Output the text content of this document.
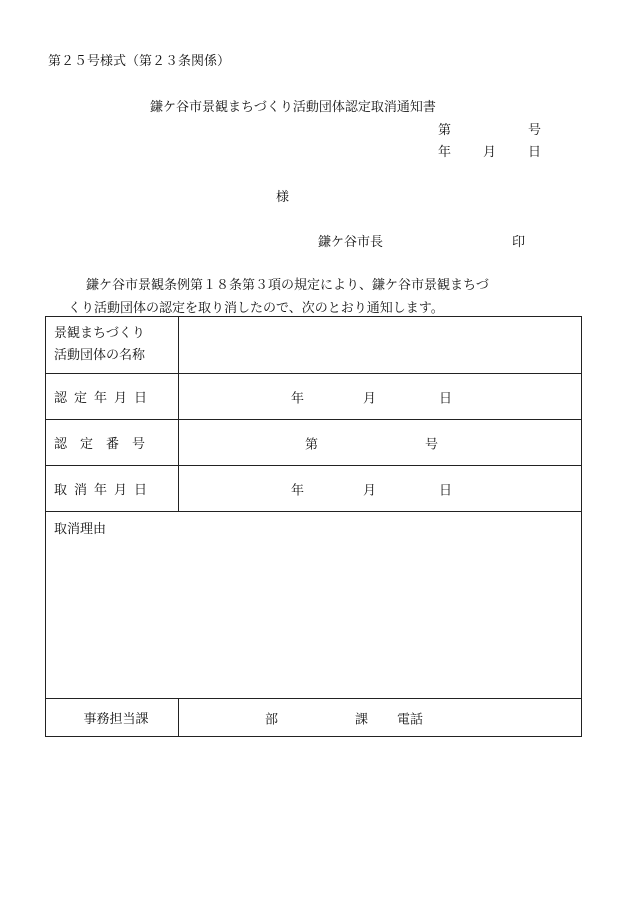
第２５号様式（第２３条関係）
鎌ケ谷市景観まちづくり活動団体認定取消通知書
第	号
年 月 日
様
鎌ケ谷市長	印
鎌ケ谷市景観条例第１８条第３項の規定により、鎌ケ谷市景観まちづ
くり活動団体の認定を取り消したので、次のとおり通知します。
景観まちづくり
活動団体の名称	

認定年月日	年 月 日

認　定　番　号	第 号

取消年月日	年 月 日

取消理由	
事務担当課	部 課 電話
